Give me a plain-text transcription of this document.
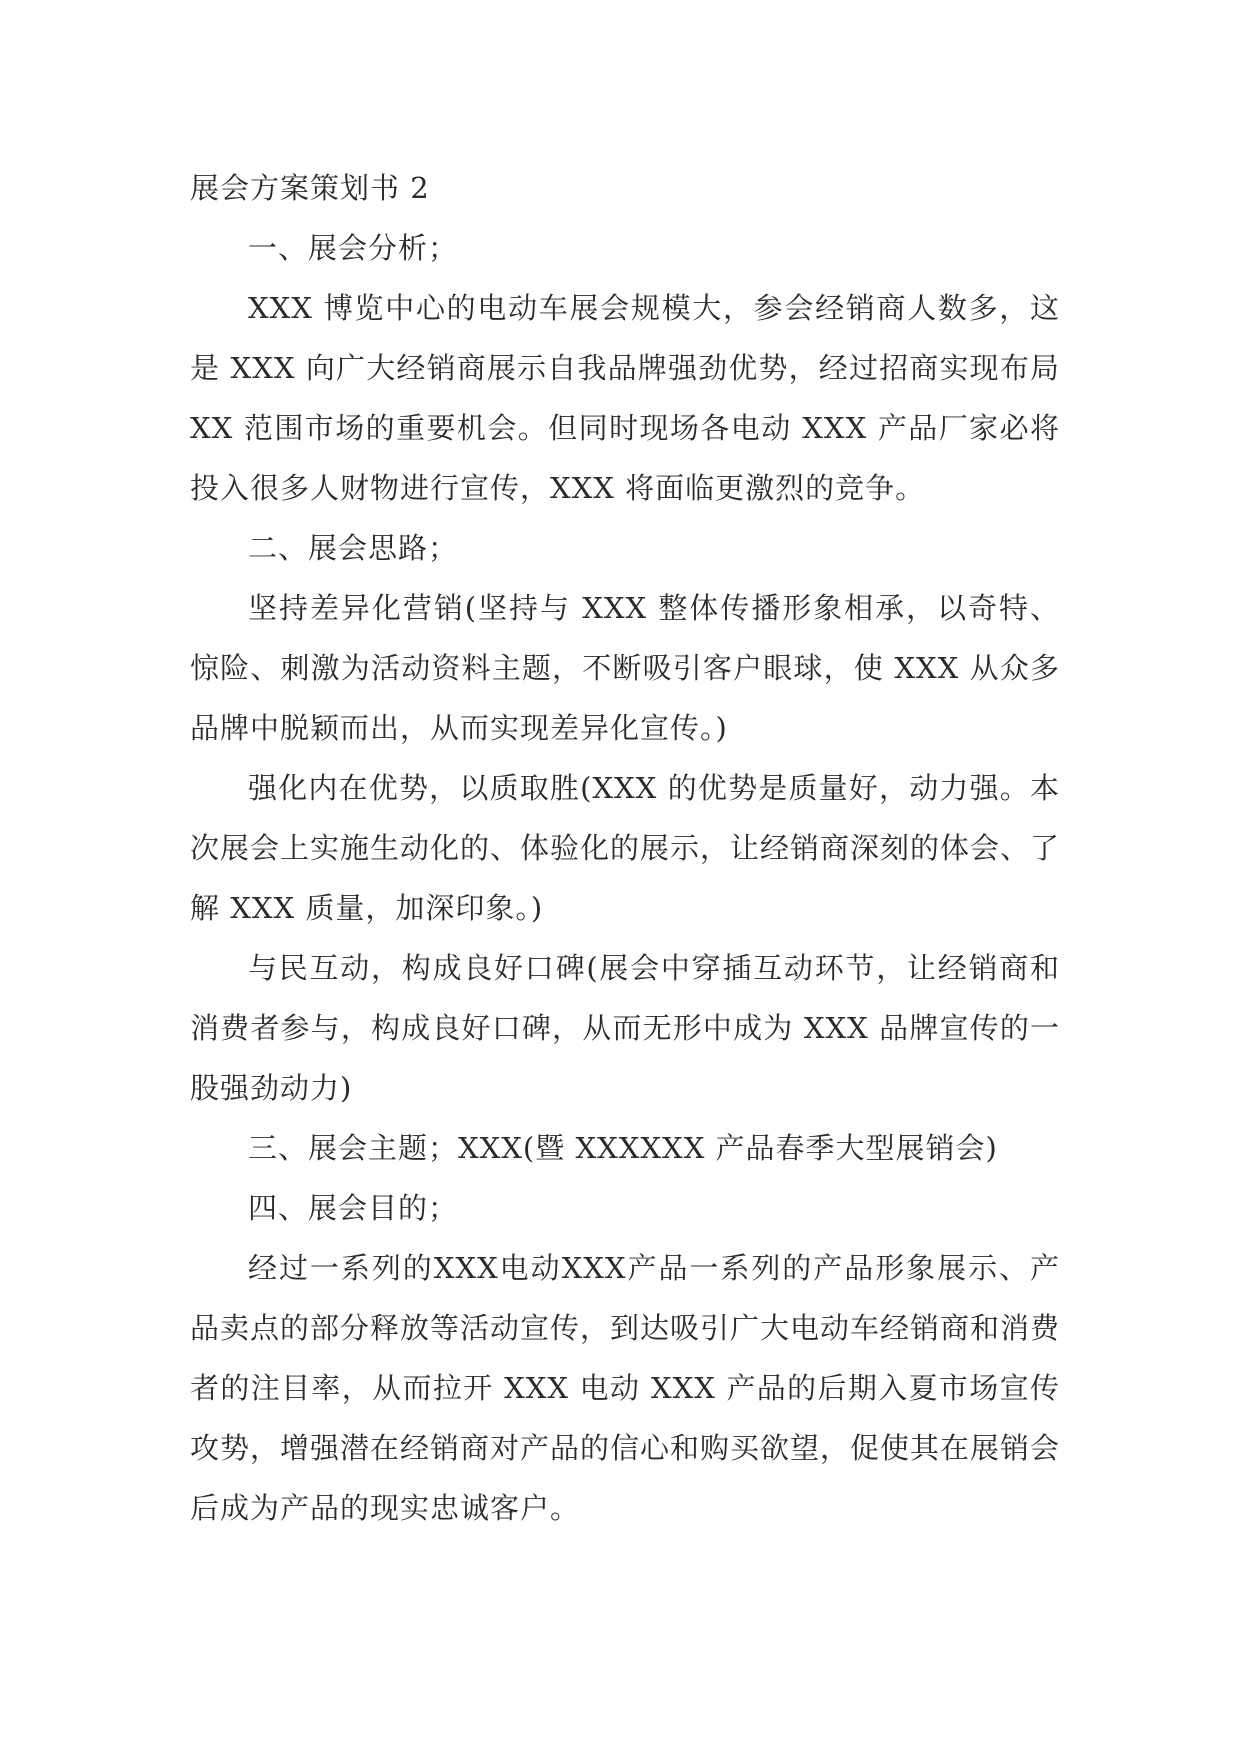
展会方案策划书 2

一、展会分析；

XXX 博览中心的电动车展会规模大，参会经销商人数多，这是 XXX 向广大经销商展示自我品牌强劲优势，经过招商实现布局 XX 范围市场的重要机会。但同时现场各电动 XXX 产品厂家必将投入很多人财物进行宣传，XXX 将面临更激烈的竞争。

二、展会思路；

坚持差异化营销(坚持与 XXX 整体传播形象相承，以奇特、惊险、刺激为活动资料主题，不断吸引客户眼球，使 XXX 从众多品牌中脱颖而出，从而实现差异化宣传。)

强化内在优势，以质取胜(XXX 的优势是质量好，动力强。本次展会上实施生动化的、体验化的展示，让经销商深刻的体会、了解 XXX 质量，加深印象。)

与民互动，构成良好口碑(展会中穿插互动环节，让经销商和消费者参与，构成良好口碑，从而无形中成为 XXX 品牌宣传的一股强劲动力)

三、展会主题；XXX(暨 XXXXXX 产品春季大型展销会)

四、展会目的；

经过一系列的XXX电动XXX产品一系列的产品形象展示、产品卖点的部分释放等活动宣传，到达吸引广大电动车经销商和消费者的注目率，从而拉开 XXX 电动 XXX 产品的后期入夏市场宣传攻势，增强潜在经销商对产品的信心和购买欲望，促使其在展销会后成为产品的现实忠诚客户。
